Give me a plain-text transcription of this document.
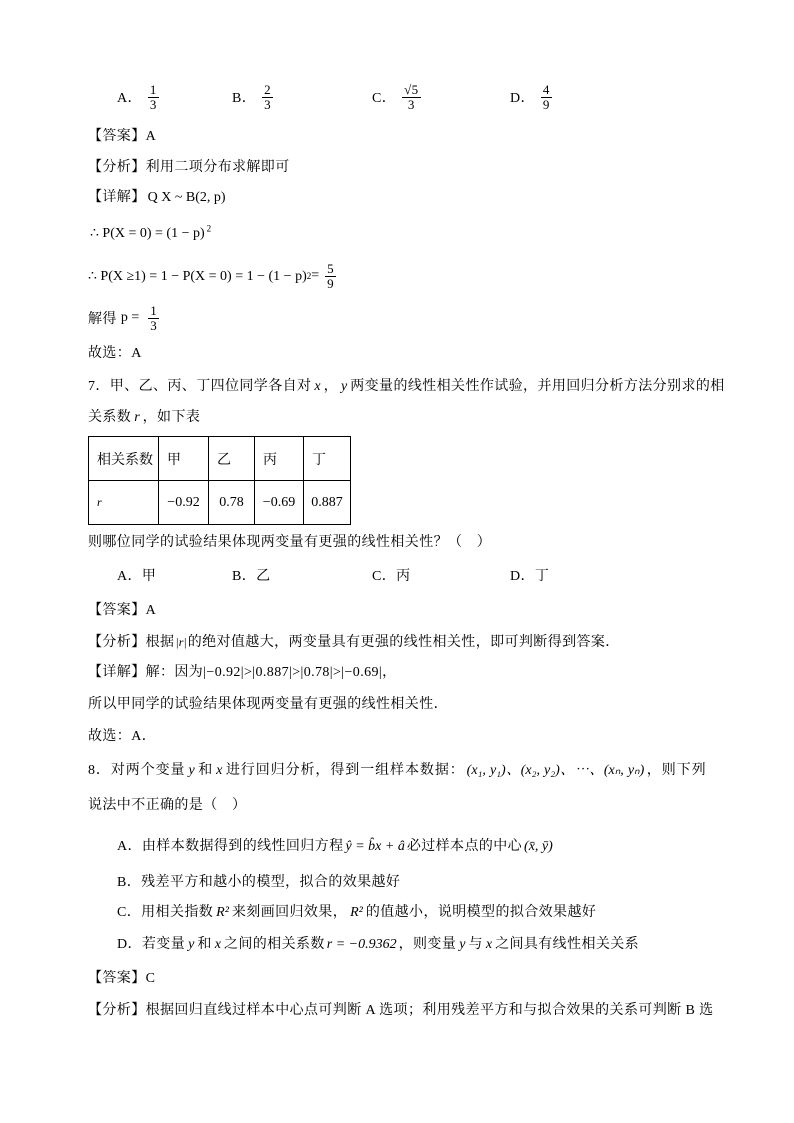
A． $\frac{1}{3}$	B． $\frac{2}{3}$	C． $\frac{√5}{3}$	D． $\frac{4}{9}$
【答案】A
【分析】利用二项分布求解即可
【详解】 Q X ~ B(2, p)
∴ P(X = 0) = (1 − p) $^2$
∴ P(X ≥1) = 1 − P(X = 0) = 1 − (1 − p) $2 = \frac{5}{9}$
解得 $p = \frac{1}{3}$
故选：A
7．甲、乙、丙、丁四位同学各自对 x ， y 两变量的线性相关性作试验，并用回归分析方法分别求的相
关系数 r ，如下表
相关系数	甲	乙	丙	丁
r	−0.92	0.78	−0.69	0.887
则哪位同学的试验结果体现两变量有更强的线性相关性？（　）
A．甲	B．乙	C．丙	D．丁
【答案】A
【分析】根据|r|的绝对值越大，两变量具有更强的线性相关性，即可判断得到答案．
【详解】解：因为|−0.92|>|0.887|>|0.78|>|−0.69|，
所以甲同学的试验结果体现两变量有更强的线性相关性．
故选：A．
8．对两个变量 y 和 x 进行回归分析，得到一组样本数据： (x₁, y₁)、(x₂, y₂)、⋯、(xₙ, yₙ) ，则下列
说法中不正确的是（　）
A．由样本数据得到的线性回归方程 ŷ = b̂x + â 必过样本点的中心 (x̄, ȳ)
B．残差平方和越小的模型，拟合的效果越好
C．用相关指数 R² 来刻画回归效果， R² 的值越小，说明模型的拟合效果越好
D．若变量 y 和 x 之间的相关系数 r = −0.9362 ，则变量 y 与 x 之间具有线性相关关系
【答案】C
【分析】根据回归直线过样本中心点可判断 A 选项；利用残差平方和与拟合效果的关系可判断 B 选
